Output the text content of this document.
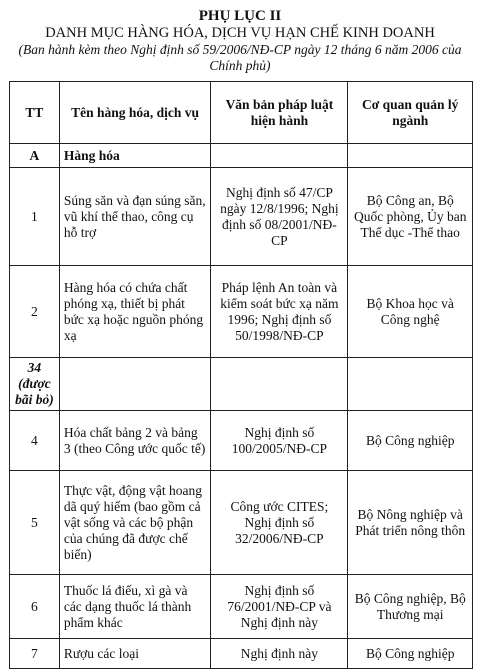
PHỤ LỤC II
DANH MỤC HÀNG HÓA, DỊCH VỤ HẠN CHẾ KINH DOANH
(Ban hành kèm theo Nghị định số 59/2006/NĐ-CP ngày 12 tháng 6 năm 2006 của Chính phủ)
TT	Tên hàng hóa, dịch vụ	Văn bản pháp luật hiện hành	Cơ quan quản lý ngành
A	Hàng hóa		
1	Súng săn và đạn súng săn, vũ khí thể thao, công cụ hỗ trợ	Nghị định số 47/CP ngày 12/8/1996; Nghị định số 08/2001/NĐ-CP	Bộ Công an, Bộ Quốc phòng, Ủy ban Thể dục -Thể thao
2	Hàng hóa có chứa chất phóng xạ, thiết bị phát bức xạ hoặc nguồn phóng xạ	Pháp lệnh An toàn và kiểm soát bức xạ năm 1996; Nghị định số 50/1998/NĐ-CP	Bộ Khoa học và Công nghệ
34 (được bãi bỏ)			
4	Hóa chất bảng 2 và bảng 3 (theo Công ước quốc tế)	Nghị định số 100/2005/NĐ-CP	Bộ Công nghiệp
5	Thực vật, động vật hoang dã quý hiếm (bao gồm cả vật sống và các bộ phận của chúng đã được chế biến)	Công ước CITES; Nghị định số 32/2006/NĐ-CP	Bộ Nông nghiệp và Phát triển nông thôn
6	Thuốc lá điếu, xì gà và các dạng thuốc lá thành phẩm khác	Nghị định số 76/2001/NĐ-CP và Nghị định này	Bộ Công nghiệp, Bộ Thương mại
7	Rượu các loại	Nghị định này	Bộ Công nghiệp
